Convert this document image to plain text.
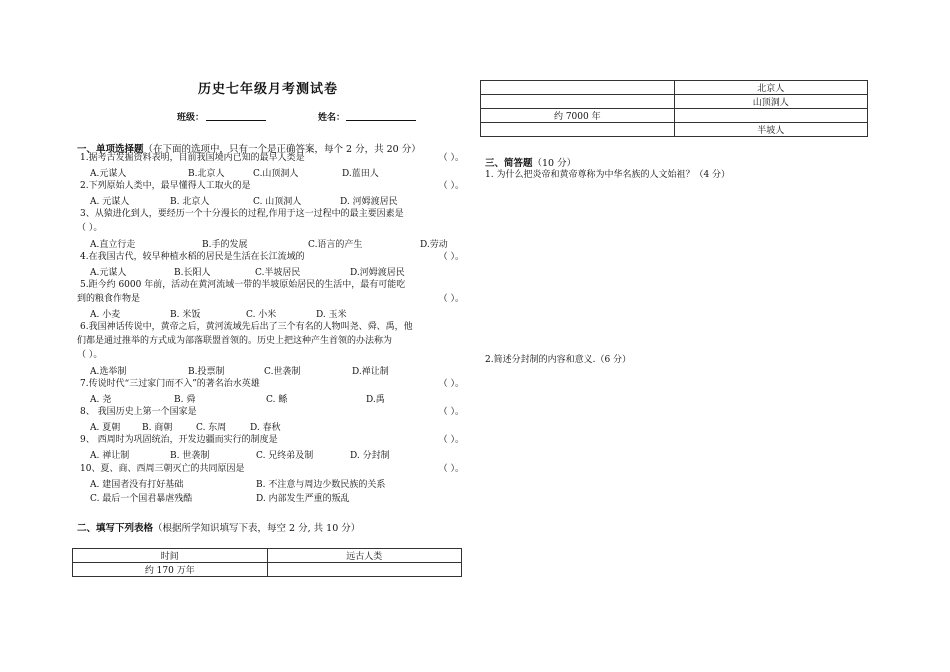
历史七年级月考测试卷
班级：	姓名：
一、单项选择题（在下面的选项中，只有一个是正确答案，每个 2 分，共 20 分）
1.据考古发掘资料表明，目前我国境内已知的最早人类是	（ ）。
A.元谋人	B.北京人	C.山顶洞人	D.蓝田人
2.下列原始人类中，最早懂得人工取火的是	（ ）。
A. 元谋人	B. 北京人	C. 山顶洞人	D. 河姆渡居民
3、从猿进化到人，要经历一个十分漫长的过程,作用于这一过程中的最主要因素是
（ ）。
A.直立行走	B.手的发展	C.语言的产生	D.劳动
4.在我国古代，较早种植水稻的居民是生活在长江流域的	（ ）。
A.元谋人	B.长阳人	C.半坡居民	D.河姆渡居民
5.距今约 6000 年前，活动在黄河流域一带的半坡原始居民的生活中，最有可能吃
到的粮食作物是	（ ）。
A. 小麦	B. 米饭	C. 小米	D. 玉米
6.我国神话传说中，黄帝之后，黄河流域先后出了三个有名的人物叫尧、舜、禹，他
们都是通过推举的方式成为部落联盟首领的。历史上把这种产生首领的办法称为
（ ）。
A.选举制	B.投票制	C.世袭制	D.禅让制
7.传说时代“三过家门而不入”的著名治水英雄	（ ）。
A. 尧	B. 舜	C. 鲧	D.禹
8、 我国历史上第一个国家是	（ ）。
A. 夏朝 B. 商朝	C. 东周	D. 春秋
9、 西周时为巩固统治，开发边疆而实行的制度是	（ ）。
A. 禅让制	B. 世袭制	C. 兄终弟及制	D. 分封制
10、夏、商、西周三朝灭亡的共同原因是	（ ）。
A. 建国者没有打好基础	B. 不注意与周边少数民族的关系
C. 最后一个国君暴虐残酷	D. 内部发生严重的叛乱
二、填写下列表格（根据所学知识填写下表，每空 2 分, 共 10 分）
时间	远古人类
约 170 万年	
	北京人
	山顶洞人
约 7000 年	
	半坡人
三、简答题（10 分）
1. 为什么把炎帝和黄帝尊称为中华名族的人文始祖？（4 分）
2.简述分封制的内容和意义.（6 分）
